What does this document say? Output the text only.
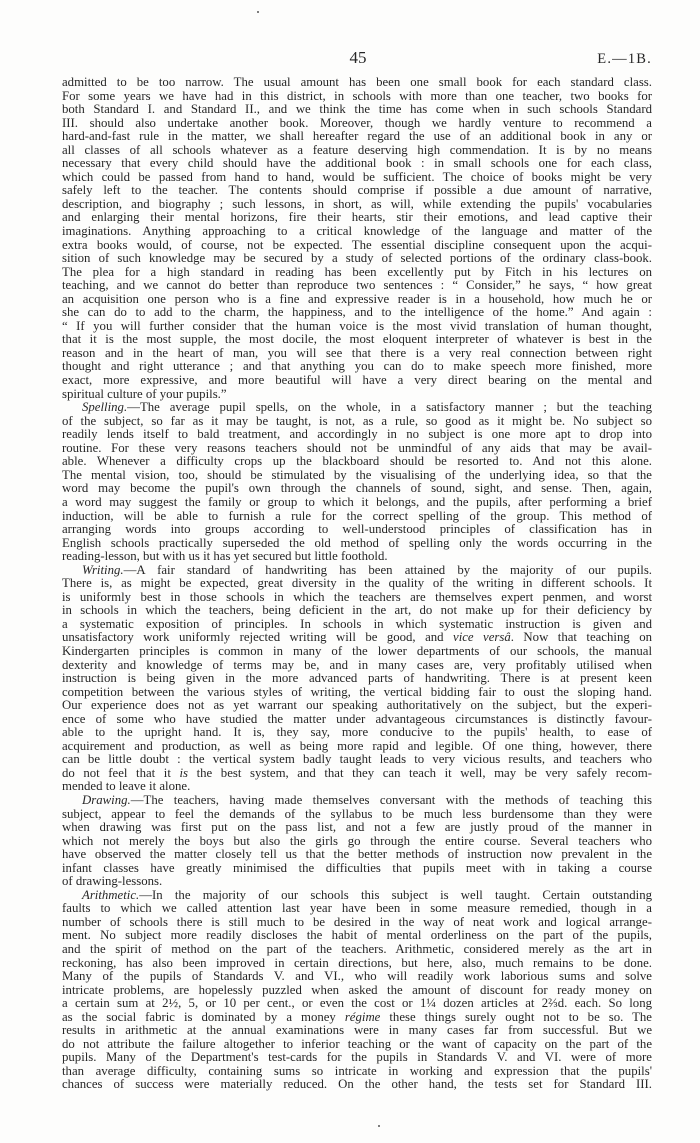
45	E.—1B.
admitted to be too narrow. The usual amount has been one small book for each standard class.
For some years we have had in this district, in schools with more than one teacher, two books for
both Standard I. and Standard II., and we think the time has come when in such schools Standard
III. should also undertake another book. Moreover, though we hardly venture to recommend a
hard-and-fast rule in the matter, we shall hereafter regard the use of an additional book in any or
all classes of all schools whatever as a feature deserving high commendation. It is by no means
necessary that every child should have the additional book : in small schools one for each class,
which could be passed from hand to hand, would be sufficient. The choice of books might be very
safely left to the teacher. The contents should comprise if possible a due amount of narrative,
description, and biography ; such lessons, in short, as will, while extending the pupils' vocabularies
and enlarging their mental horizons, fire their hearts, stir their emotions, and lead captive their
imaginations. Anything approaching to a critical knowledge of the language and matter of the
extra books would, of course, not be expected. The essential discipline consequent upon the acqui-
sition of such knowledge may be secured by a study of selected portions of the ordinary class-book.
The plea for a high standard in reading has been excellently put by Fitch in his lectures on
teaching, and we cannot do better than reproduce two sentences : “ Consider,” he says, “ how great
an acquisition one person who is a fine and expressive reader is in a household, how much he or
she can do to add to the charm, the happiness, and to the intelligence of the home.” And again :
“ If you will further consider that the human voice is the most vivid translation of human thought,
that it is the most supple, the most docile, the most eloquent interpreter of whatever is best in the
reason and in the heart of man, you will see that there is a very real connection between right
thought and right utterance ; and that anything you can do to make speech more finished, more
exact, more expressive, and more beautiful will have a very direct bearing on the mental and
spiritual culture of your pupils.”
Spelling.—The average pupil spells, on the whole, in a satisfactory manner ; but the teaching
of the subject, so far as it may be taught, is not, as a rule, so good as it might be. No subject so
readily lends itself to bald treatment, and accordingly in no subject is one more apt to drop into
routine. For these very reasons teachers should not be unmindful of any aids that may be avail-
able. Whenever a difficulty crops up the blackboard should be resorted to. And not this alone.
The mental vision, too, should be stimulated by the visualising of the underlying idea, so that the
word may become the pupil's own through the channels of sound, sight, and sense. Then, again,
a word may suggest the family or group to which it belongs, and the pupils, after performing a brief
induction, will be able to furnish a rule for the correct spelling of the group. This method of
arranging words into groups according to well-understood principles of classification has in
English schools practically superseded the old method of spelling only the words occurring in the
reading-lesson, but with us it has yet secured but little foothold.
Writing.—A fair standard of handwriting has been attained by the majority of our pupils.
There is, as might be expected, great diversity in the quality of the writing in different schools. It
is uniformly best in those schools in which the teachers are themselves expert penmen, and worst
in schools in which the teachers, being deficient in the art, do not make up for their deficiency by
a systematic exposition of principles. In schools in which systematic instruction is given and
unsatisfactory work uniformly rejected writing will be good, and vice versâ. Now that teaching on
Kindergarten principles is common in many of the lower departments of our schools, the manual
dexterity and knowledge of terms may be, and in many cases are, very profitably utilised when
instruction is being given in the more advanced parts of handwriting. There is at present keen
competition between the various styles of writing, the vertical bidding fair to oust the sloping hand.
Our experience does not as yet warrant our speaking authoritatively on the subject, but the experi-
ence of some who have studied the matter under advantageous circumstances is distinctly favour-
able to the upright hand. It is, they say, more conducive to the pupils' health, to ease of
acquirement and production, as well as being more rapid and legible. Of one thing, however, there
can be little doubt : the vertical system badly taught leads to very vicious results, and teachers who
do not feel that it is the best system, and that they can teach it well, may be very safely recom-
mended to leave it alone.
Drawing.—The teachers, having made themselves conversant with the methods of teaching this
subject, appear to feel the demands of the syllabus to be much less burdensome than they were
when drawing was first put on the pass list, and not a few are justly proud of the manner in
which not merely the boys but also the girls go through the entire course. Several teachers who
have observed the matter closely tell us that the better methods of instruction now prevalent in the
infant classes have greatly minimised the difficulties that pupils meet with in taking a course
of drawing-lessons.
Arithmetic.—In the majority of our schools this subject is well taught. Certain outstanding
faults to which we called attention last year have been in some measure remedied, though in a
number of schools there is still much to be desired in the way of neat work and logical arrange-
ment. No subject more readily discloses the habit of mental orderliness on the part of the pupils,
and the spirit of method on the part of the teachers. Arithmetic, considered merely as the art in
reckoning, has also been improved in certain directions, but here, also, much remains to be done.
Many of the pupils of Standards V. and VI., who will readily work laborious sums and solve
intricate problems, are hopelessly puzzled when asked the amount of discount for ready money on
a certain sum at 2½, 5, or 10 per cent., or even the cost or 1¼ dozen articles at 2⅔d. each. So long
as the social fabric is dominated by a money régime these things surely ought not to be so. The
results in arithmetic at the annual examinations were in many cases far from successful. But we
do not attribute the failure altogether to inferior teaching or the want of capacity on the part of the
pupils. Many of the Department's test-cards for the pupils in Standards V. and VI. were of more
than average difficulty, containing sums so intricate in working and expression that the pupils'
chances of success were materially reduced. On the other hand, the tests set for Standard III.
